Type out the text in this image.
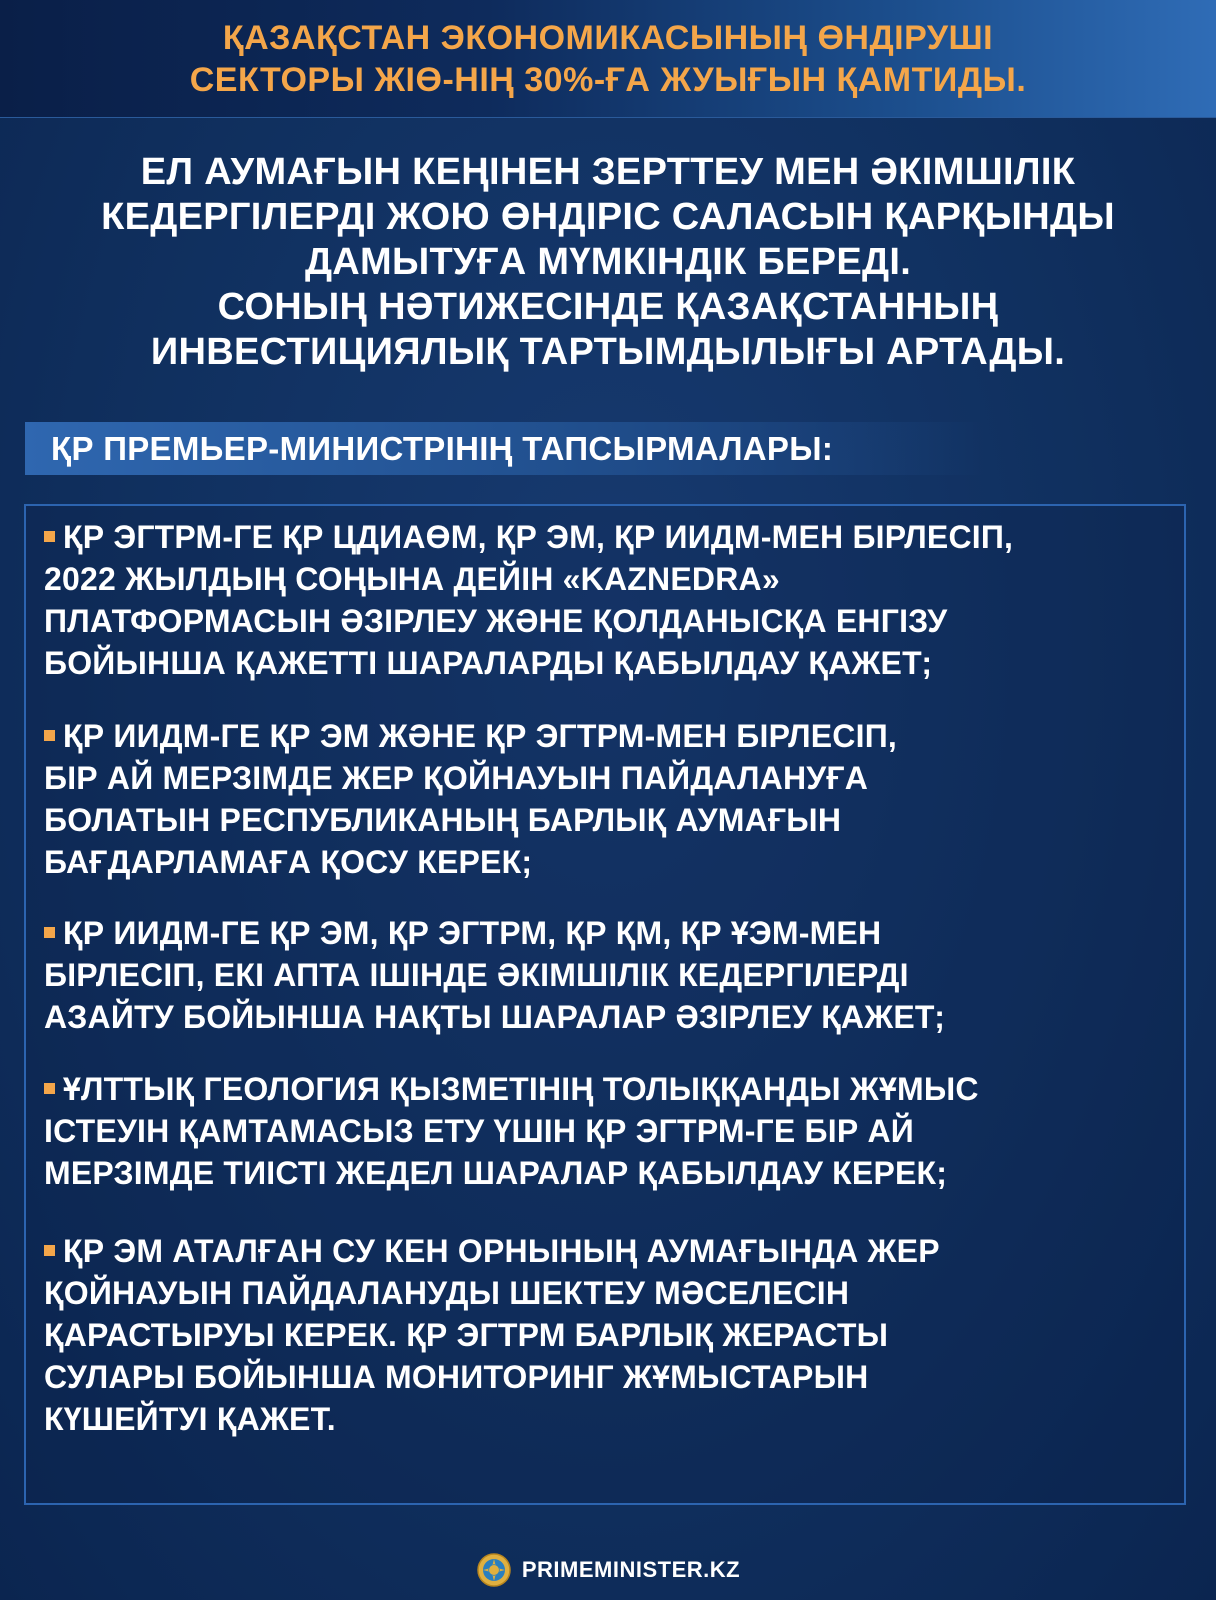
ҚАЗАҚСТАН ЭКОНОМИКАСЫНЫҢ ӨНДІРУШІ
СЕКТОРЫ ЖІӨ-НІҢ 30%-ҒА ЖУЫҒЫН ҚАМТИДЫ.
ЕЛ АУМАҒЫН КЕҢІНЕН ЗЕРТТЕУ МЕН ӘКІМШІЛІК
КЕДЕРГІЛЕРДІ ЖОЮ ӨНДІРІС САЛАСЫН ҚАРҚЫНДЫ
ДАМЫТУҒА МҮМКІНДІК БЕРЕДІ.
СОНЫҢ НӘТИЖЕСІНДЕ ҚАЗАҚСТАННЫҢ
ИНВЕСТИЦИЯЛЫҚ ТАРТЫМДЫЛЫҒЫ АРТАДЫ.
ҚР ПРЕМЬЕР-МИНИСТРІНІҢ ТАПСЫРМАЛАРЫ:
ҚР ЭГТРМ-ГЕ ҚР ЦДИАӨМ, ҚР ЭМ, ҚР ИИДМ-МЕН БІРЛЕСІП,
2022 ЖЫЛДЫҢ СОҢЫНА ДЕЙІН «KAZNEDRA»
ПЛАТФОРМАСЫН ӘЗІРЛЕУ ЖӘНЕ ҚОЛДАНЫСҚА ЕНГІЗУ
БОЙЫНША ҚАЖЕТТІ ШАРАЛАРДЫ ҚАБЫЛДАУ ҚАЖЕТ;
ҚР ИИДМ-ГЕ ҚР ЭМ ЖӘНЕ ҚР ЭГТРМ-МЕН БІРЛЕСІП,
БІР АЙ МЕРЗІМДЕ ЖЕР ҚОЙНАУЫН ПАЙДАЛАНУҒА
БОЛАТЫН РЕСПУБЛИКАНЫҢ БАРЛЫҚ АУМАҒЫН
БАҒДАРЛАМАҒА ҚОСУ КЕРЕК;
ҚР ИИДМ-ГЕ ҚР ЭМ, ҚР ЭГТРМ, ҚР ҚМ, ҚР ҰЭМ-МЕН
БІРЛЕСІП, ЕКІ АПТА ІШІНДЕ ӘКІМШІЛІК КЕДЕРГІЛЕРДІ
АЗАЙТУ БОЙЫНША НАҚТЫ ШАРАЛАР ӘЗІРЛЕУ ҚАЖЕТ;
ҰЛТТЫҚ ГЕОЛОГИЯ ҚЫЗМЕТІНІҢ ТОЛЫҚҚАНДЫ ЖҰМЫС
ІСТЕУІН ҚАМТАМАСЫЗ ЕТУ ҮШІН ҚР ЭГТРМ-ГЕ БІР АЙ
МЕРЗІМДЕ ТИІСТІ ЖЕДЕЛ ШАРАЛАР ҚАБЫЛДАУ КЕРЕК;
ҚР ЭМ АТАЛҒАН СУ КЕН ОРНЫНЫҢ АУМАҒЫНДА ЖЕР
ҚОЙНАУЫН ПАЙДАЛАНУДЫ ШЕКТЕУ МӘСЕЛЕСІН
ҚАРАСТЫРУЫ КЕРЕК. ҚР ЭГТРМ БАРЛЫҚ ЖЕРАСТЫ
СУЛАРЫ БОЙЫНША МОНИТОРИНГ ЖҰМЫСТАРЫН
КҮШЕЙТУІ ҚАЖЕТ.
PRIMEMINISTER.KZ
